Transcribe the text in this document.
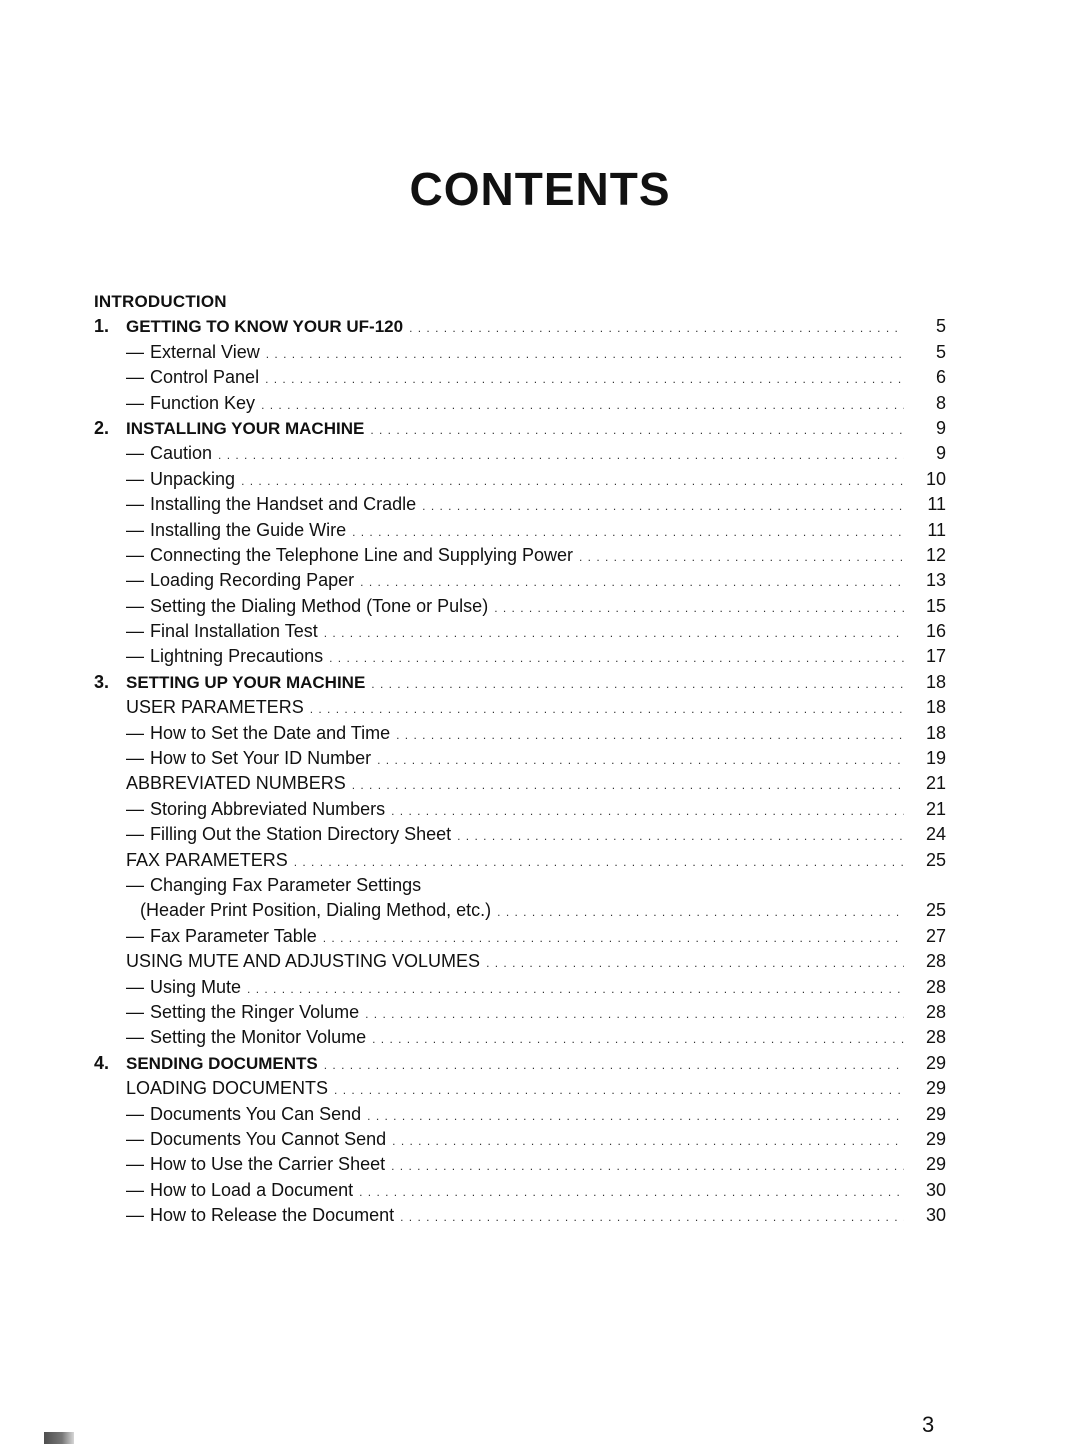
CONTENTS
INTRODUCTION
1. GETTING TO KNOW YOUR UF-120 . . .	5
— External View . . .	5
— Control Panel . . .	6
— Function Key . . .	8
2. INSTALLING YOUR MACHINE . . .	9
— Caution . . .	9
— Unpacking . . .	10
— Installing the Handset and Cradle . . .	11
— Installing the Guide Wire . . .	11
— Connecting the Telephone Line and Supplying Power . . .	12
— Loading Recording Paper . . .	13
— Setting the Dialing Method (Tone or Pulse) . . .	15
— Final Installation Test . . .	16
— Lightning Precautions . . .	17
3. SETTING UP YOUR MACHINE . . .	18
USER PARAMETERS . . .	18
— How to Set the Date and Time . . .	18
— How to Set Your ID Number . . .	19
ABBREVIATED NUMBERS . . .	21
— Storing Abbreviated Numbers . . .	21
— Filling Out the Station Directory Sheet . . .	24
FAX PARAMETERS . . .	25
— Changing Fax Parameter Settings
(Header Print Position, Dialing Method, etc.) . . .	25
— Fax Parameter Table . . .	27
USING MUTE AND ADJUSTING VOLUMES . . .	28
— Using Mute . . .	28
— Setting the Ringer Volume . . .	28
— Setting the Monitor Volume . . .	28
4. SENDING DOCUMENTS . . .	29
LOADING DOCUMENTS . . .	29
— Documents You Can Send . . .	29
— Documents You Cannot Send . . .	29
— How to Use the Carrier Sheet . . .	29
— How to Load a Document . . .	30
— How to Release the Document . . .	30
3
